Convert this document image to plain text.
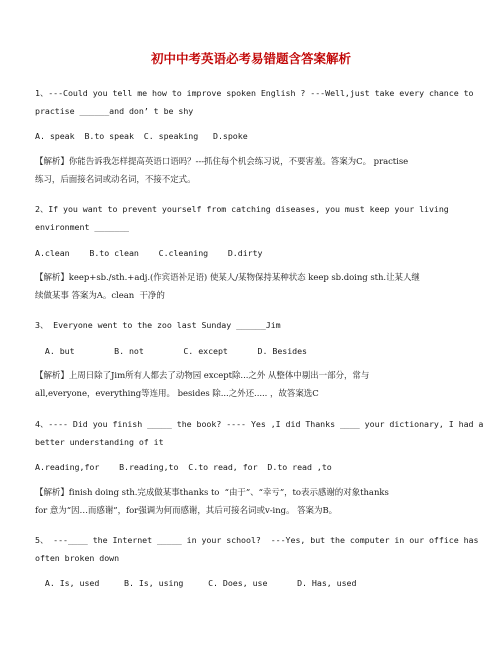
初中中考英语必考易错题含答案解析
1、---Could you tell me how to improve spoken English ? ---Well,just take every chance to
practise ______and don’ t be shy
A. speak  B.to speak  C. speaking   D.spoke
【解析】你能告诉我怎样提高英语口语吗？---抓住每个机会练习说，不要害羞。答案为C。 practise
练习，后面接名词或动名词，不接不定式。
2、If you want to prevent yourself from catching diseases, you must keep your living
environment _______
A.clean    B.to clean    C.cleaning    D.dirty
【解析】keep+sb./sth.+adj.(作宾语补足语) 使某人/某物保持某种状态 keep sb.doing sth.让某人继
续做某事 答案为A。clean  干净的
3、 Everyone went to the zoo last Sunday ______Jim
A. but        B. not        C. except      D. Besides
【解析】上周日除了Jim所有人都去了动物园 except除...之外 从整体中剔出一部分，常与
all,everyone，everything等连用。 besides 除...之外还..... ，故答案选C
4、---- Did you finish _____ the book? ---- Yes ,I did Thanks ____ your dictionary, I had a
better understanding of it
A.reading,for    B.reading,to  C.to read, for  D.to read ,to
【解析】finish doing sth.完成做某事thanks to  “由于”、“幸亏”，to表示感谢的对象thanks
for 意为“因…而感谢”，for强调为何而感谢，其后可接名词或v-ing。 答案为B。
5、 ---____ the Internet _____ in your school?  ---Yes, but the computer in our office has
often broken down
A. Is, used     B. Is, using     C. Does, use      D. Has, used
